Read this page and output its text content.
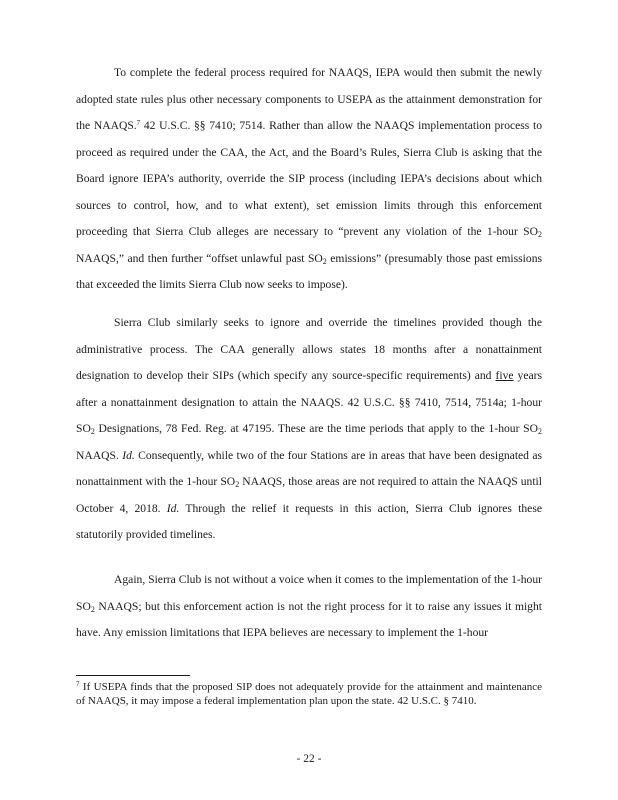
To complete the federal process required for NAAQS, IEPA would then submit the newly adopted state rules plus other necessary components to USEPA as the attainment demonstration for the NAAQS.$^7$ 42 U.S.C. §§ 7410; 7514. Rather than allow the NAAQS implementation process to proceed as required under the CAA, the Act, and the Board’s Rules, Sierra Club is asking that the Board ignore IEPA’s authority, override the SIP process (including IEPA’s decisions about which sources to control, how, and to what extent), set emission limits through this enforcement proceeding that Sierra Club alleges are necessary to “prevent any violation of the 1-hour $SO_2$ NAAQS,” and then further “offset unlawful past $SO_2$ emissions” (presumably those past emissions that exceeded the limits Sierra Club now seeks to impose).

Sierra Club similarly seeks to ignore and override the timelines provided though the administrative process. The CAA generally allows states 18 months after a nonattainment designation to develop their SIPs (which specify any source-specific requirements) and five years after a nonattainment designation to attain the NAAQS. 42 U.S.C. §§ 7410, 7514, 7514a; 1-hour $SO_2$ Designations, 78 Fed. Reg. at 47195. These are the time periods that apply to the 1-hour $SO_2$ NAAQS. Id. Consequently, while two of the four Stations are in areas that have been designated as nonattainment with the 1-hour $SO_2$ NAAQS, those areas are not required to attain the NAAQS until October 4, 2018. Id. Through the relief it requests in this action, Sierra Club ignores these statutorily provided timelines.

Again, Sierra Club is not without a voice when it comes to the implementation of the 1-hour $SO_2$ NAAQS; but this enforcement action is not the right process for it to raise any issues it might have. Any emission limitations that IEPA believes are necessary to implement the 1-hour

$^7$ If USEPA finds that the proposed SIP does not adequately provide for the attainment and maintenance of NAAQS, it may impose a federal implementation plan upon the state. 42 U.S.C. § 7410.

- 22 -
